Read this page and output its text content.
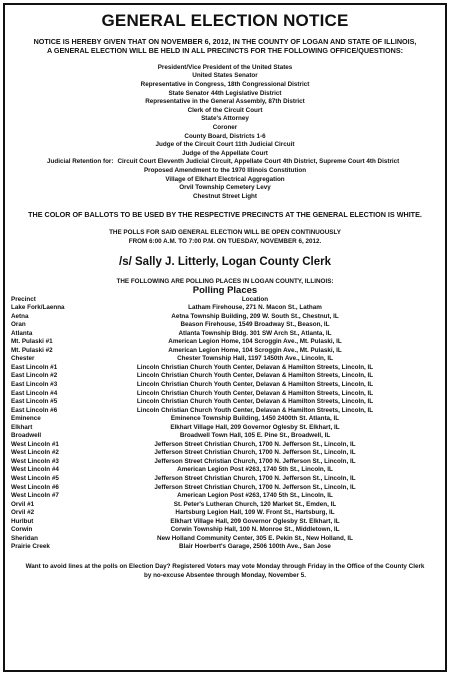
GENERAL ELECTION NOTICE
NOTICE IS HEREBY GIVEN THAT ON NOVEMBER 6, 2012, IN THE COUNTY OF LOGAN AND STATE OF ILLINOIS,
A GENERAL ELECTION WILL BE HELD IN ALL PRECINCTS FOR THE FOLLOWING OFFICE/QUESTIONS:
President/Vice President of the United States
United States Senator
Representative in Congress, 18th Congressional District
State Senator 44th Legislative District
Representative in the General Assembly, 87th District
Clerk of the Circuit Court
State's Attorney
Coroner
County Board, Districts 1-6
Judge of the Circuit Court 11th Judicial Circuit
Judge of the Appellate Court
Judicial Retention for: Circuit Court Eleventh Judicial Circuit, Appellate Court 4th District, Supreme Court 4th District
Proposed Amendment to the 1970 Illinois Constitution
Village of Elkhart Electrical Aggregation
Orvil Township Cemetery Levy
Chestnut Street Light
THE COLOR OF BALLOTS TO BE USED BY THE RESPECTIVE PRECINCTS AT THE GENERAL ELECTION IS WHITE.
THE POLLS FOR SAID GENERAL ELECTION WILL BE OPEN CONTINUOUSLY
FROM 6:00 A.M. TO 7:00 P.M. ON TUESDAY, NOVEMBER 6, 2012.
/s/ Sally J. Litterly, Logan County Clerk
THE FOLLOWING ARE POLLING PLACES IN LOGAN COUNTY, ILLINOIS:
Polling Places
Precinct	Location
Lake Fork/Laenna	Latham Firehouse, 271 N. Macon St., Latham
Aetna	Aetna Township Building, 209 W. South St., Chestnut, IL
Oran	Beason Firehouse, 1549 Broadway St., Beason, IL
Atlanta	Atlanta Township Bldg. 301 SW Arch St., Atlanta, IL
Mt. Pulaski #1	American Legion Home, 104 Scroggin Ave., Mt. Pulaski, IL
Mt. Pulaski #2	American Legion Home, 104 Scroggin Ave., Mt. Pulaski, IL
Chester	Chester Township Hall, 1197 1450th Ave., Lincoln, IL
East Lincoln #1	Lincoln Christian Church Youth Center, Delavan & Hamilton Streets, Lincoln, IL
East Lincoln #2	Lincoln Christian Church Youth Center, Delavan & Hamilton Streets, Lincoln, IL
East Lincoln #3	Lincoln Christian Church Youth Center, Delavan & Hamilton Streets, Lincoln, IL
East Lincoln #4	Lincoln Christian Church Youth Center, Delavan & Hamilton Streets, Lincoln, IL
East Lincoln #5	Lincoln Christian Church Youth Center, Delavan & Hamilton Streets, Lincoln, IL
East Lincoln #6	Lincoln Christian Church Youth Center, Delavan & Hamilton Streets, Lincoln, IL
Eminence	Eminence Township Building, 1450 2400th St. Atlanta, IL
Elkhart	Elkhart Village Hall, 209 Governor Oglesby St. Elkhart, IL
Broadwell	Broadwell Town Hall, 105 E. Pine St., Broadwell, IL
West Lincoln #1	Jefferson Street Christian Church, 1700 N. Jefferson St., Lincoln, IL
West Lincoln #2	Jefferson Street Christian Church, 1700 N. Jefferson St., Lincoln, IL
West Lincoln #3	Jefferson Street Christian Church, 1700 N. Jefferson St., Lincoln, IL
West Lincoln #4	American Legion Post #263, 1740 5th St., Lincoln, IL
West Lincoln #5	Jefferson Street Christian Church, 1700 N. Jefferson St., Lincoln, IL
West Lincoln #6	Jefferson Street Christian Church, 1700 N. Jefferson St., Lincoln, IL
West Lincoln #7	American Legion Post #263, 1740 5th St., Lincoln, IL
Orvil #1	St. Peter's Lutheran Church, 120 Market St., Emden, IL
Orvil #2	Hartsburg Legion Hall, 109 W. Front St., Hartsburg, IL
Hurlbut	Elkhart Village Hall, 209 Governor Oglesby St. Elkhart, IL
Corwin	Corwin Township Hall, 100 N. Monroe St., Middletown, IL
Sheridan	New Holland Community Center, 305 E. Pekin St., New Holland, IL
Prairie Creek	Blair Hoerbert's Garage, 2506 100th Ave., San Jose
Want to avoid lines at the polls on Election Day? Registered Voters may vote Monday through Friday in the Office of the County Clerk
by no-excuse Absentee through Monday, November 5.
